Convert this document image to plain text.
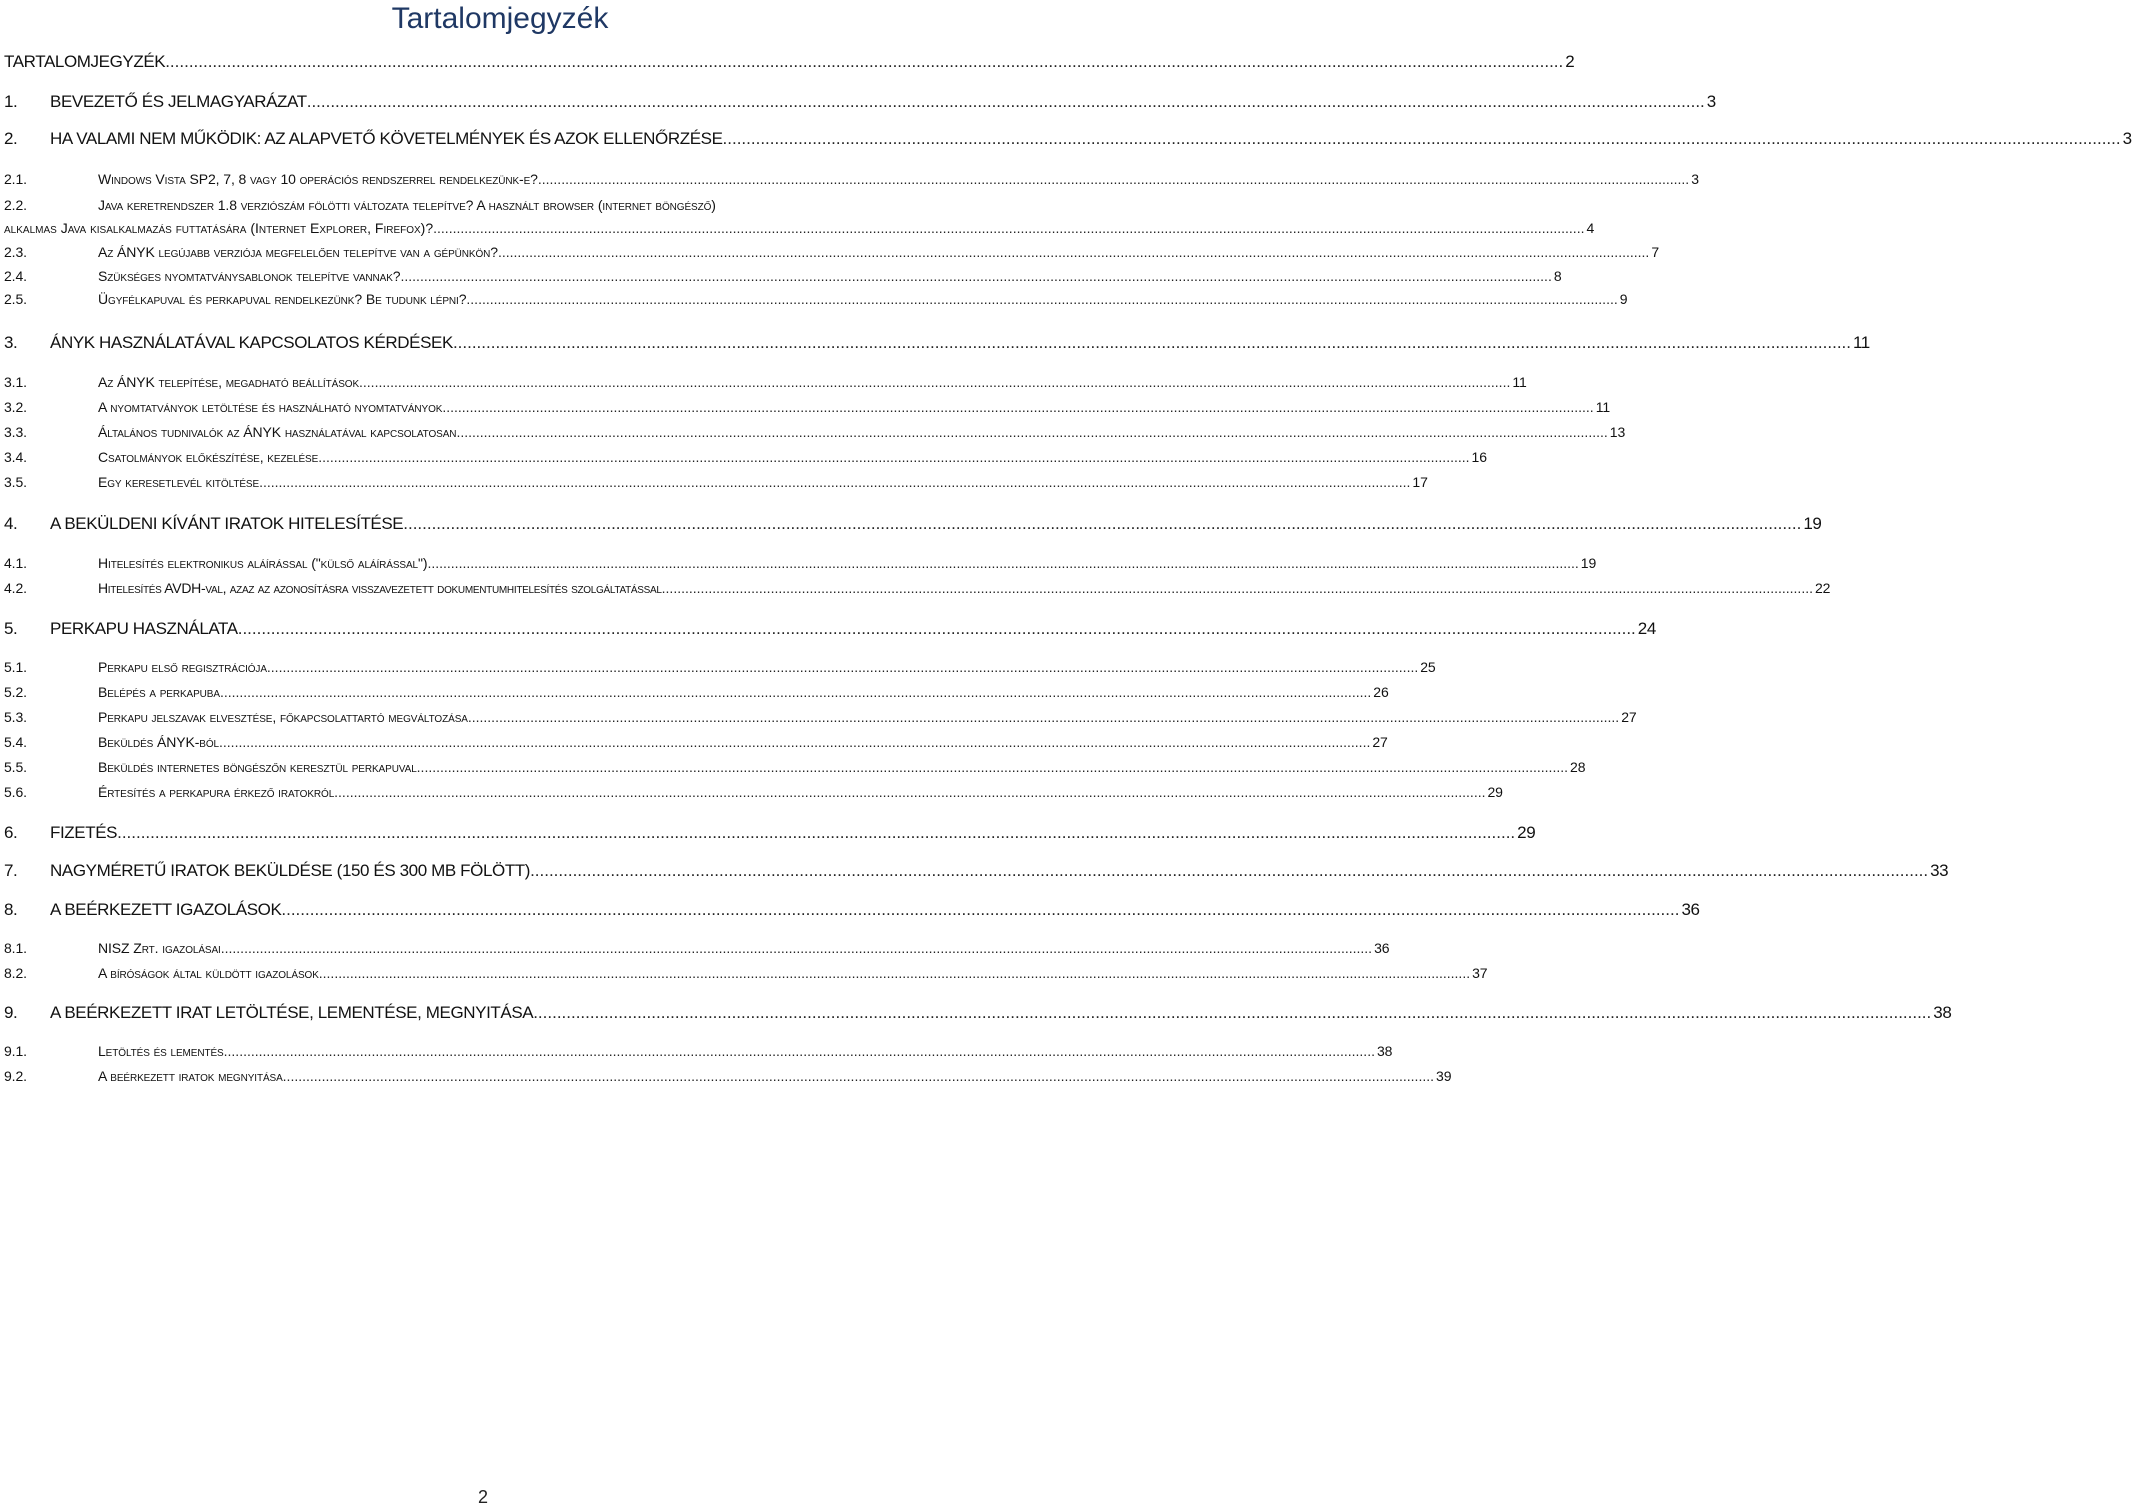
Tartalomjegyzék
TARTALOMJEGYZÉK .....	2
1.	BEVEZETŐ ÉS JELMAGYARÁZAT .....	3
2.	HA VALAMI NEM MŰKÖDIK: AZ ALAPVETŐ KÖVETELMÉNYEK ÉS AZOK ELLENŐRZÉSE .....	3
2.1.	Windows Vista SP2, 7, 8 vagy 10 operációs rendszerrel rendelkezünk-e? .....	3
2.2.	Java keretrendszer 1.8 verziószám fölötti változata telepítve? A használt browser (internet böngésző)
alkalmas Java kisalkalmazás futtatására (Internet Explorer, Firefox)? .....	4
2.3.	Az ÁNYK legújabb verziója megfelelően telepítve van a gépünkön? .....	7
2.4.	Szükséges nyomtatványsablonok telepítve vannak? .....	8
2.5.	Ügyfélkapuval és perkapuval rendelkezünk? Be tudunk lépni? .....	9
3.	ÁNYK HASZNÁLATÁVAL KAPCSOLATOS KÉRDÉSEK .....	11
3.1.	Az ÁNYK telepítése, megadható beállítások .....	11
3.2.	A nyomtatványok letöltése és használható nyomtatványok .....	11
3.3.	Általános tudnivalók az ÁNYK használatával kapcsolatosan .....	13
3.4.	Csatolmányok előkészítése, kezelése .....	16
3.5.	Egy keresetlevél kitöltése .....	17
4.	A BEKÜLDENI KÍVÁNT IRATOK HITELESÍTÉSE .....	19
4.1.	Hitelesítés elektronikus aláírással ("külső aláírással") .....	19
4.2.	Hitelesítés AVDH-val, azaz az azonosításra visszavezetett dokumentumhitelesítés szolgáltatással .....	22
5.	PERKAPU HASZNÁLATA .....	24
5.1.	Perkapu első regisztrációja .....	25
5.2.	Belépés a perkapuba .....	26
5.3.	Perkapu jelszavak elvesztése, főkapcsolattartó megváltozása .....	27
5.4.	Beküldés ÁNYK-ból .....	27
5.5.	Beküldés internetes böngészőn keresztül perkapuval .....	28
5.6.	Értesítés a perkapura érkező iratokról .....	29
6.	FIZETÉS .....	29
7.	NAGYMÉRETŰ IRATOK BEKÜLDÉSE (150 ÉS 300 MB FÖLÖTT) .....	33
8.	A BEÉRKEZETT IGAZOLÁSOK .....	36
8.1.	NISZ Zrt. igazolásai .....	36
8.2.	A bíróságok által küldött igazolások .....	37
9.	A BEÉRKEZETT IRAT LETÖLTÉSE, LEMENTÉSE, MEGNYITÁSA .....	38
9.1.	Letöltés és lementés .....	38
9.2.	A beérkezett iratok megnyitása .....	39
2
